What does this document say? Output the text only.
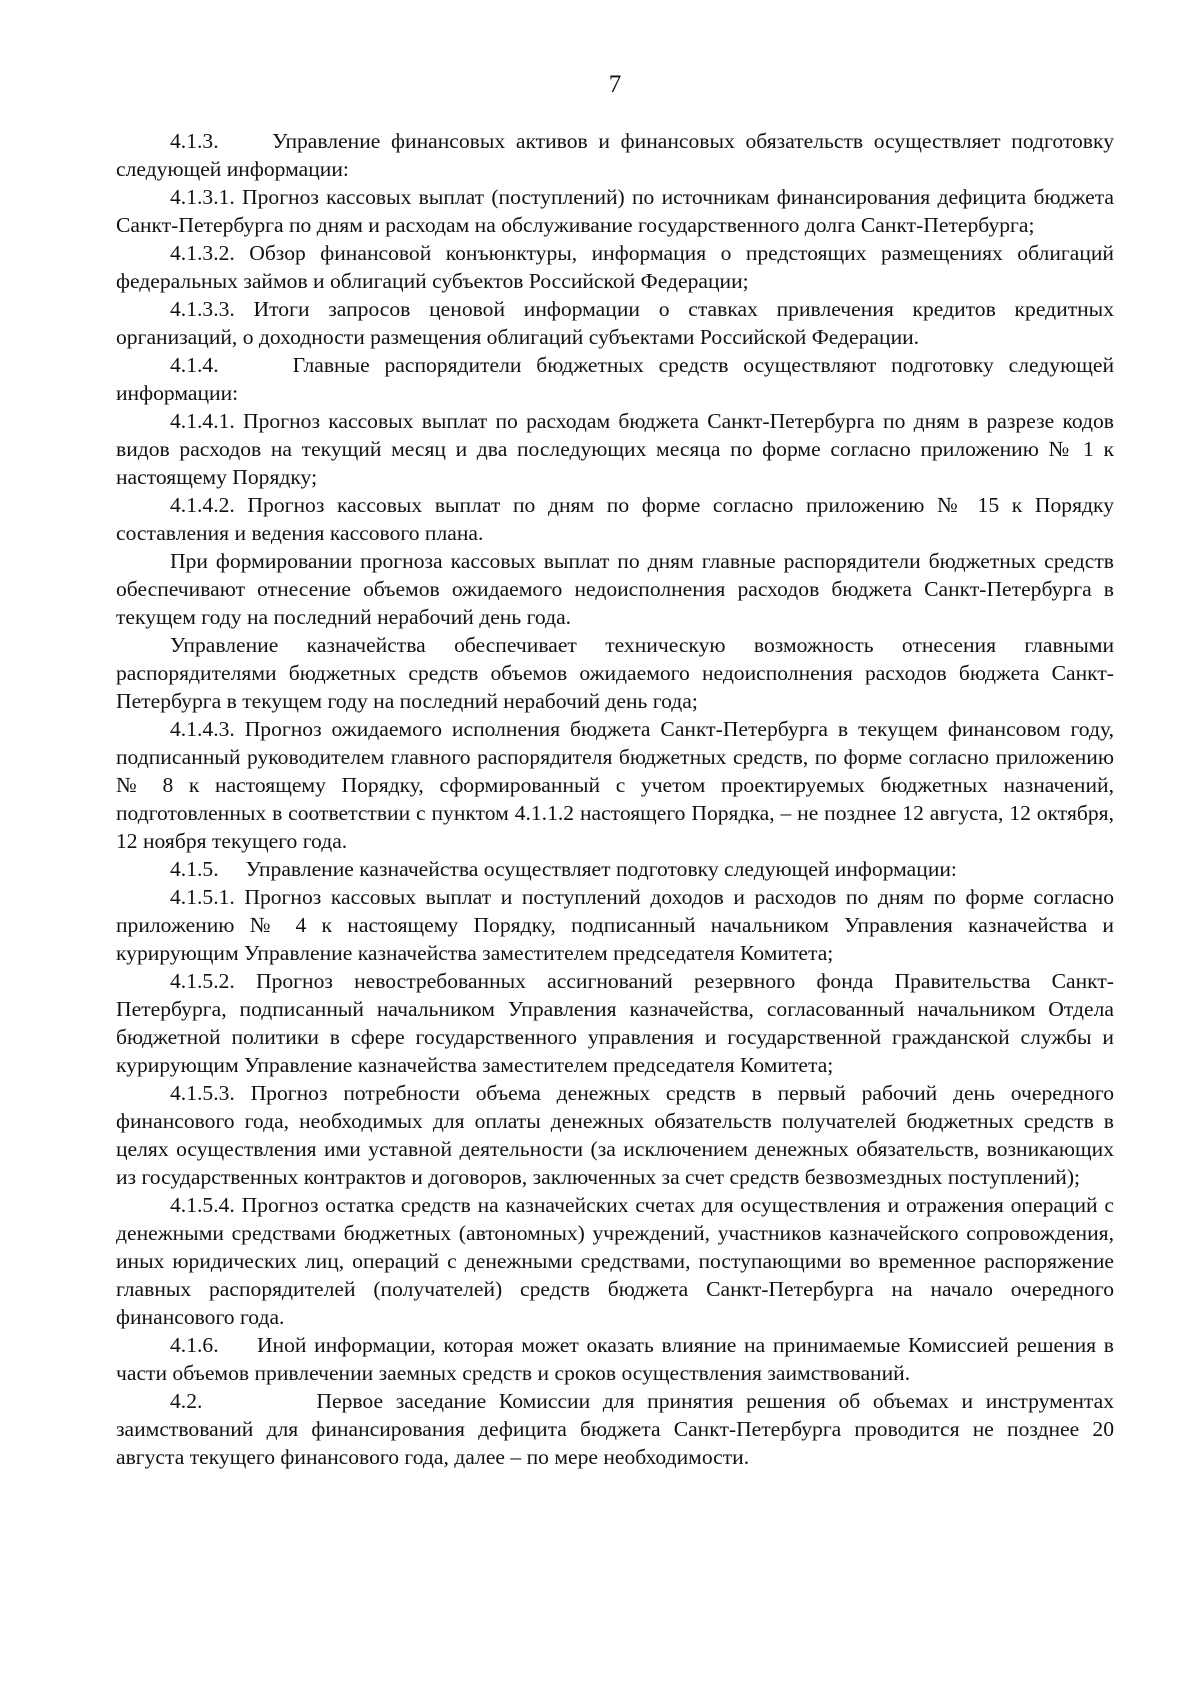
7

4.1.3.     Управление финансовых активов и финансовых обязательств осуществляет подготовку следующей информации:

4.1.3.1. Прогноз кассовых выплат (поступлений) по источникам финансирования дефицита бюджета Санкт-Петербурга по дням и расходам на обслуживание государственного долга Санкт-Петербурга;

4.1.3.2. Обзор финансовой конъюнктуры, информация о предстоящих размещениях облигаций федеральных займов и облигаций субъектов Российской Федерации;

4.1.3.3. Итоги запросов ценовой информации о ставках привлечения кредитов кредитных организаций, о доходности размещения облигаций субъектами Российской Федерации.

4.1.4.     Главные распорядители бюджетных средств осуществляют подготовку следующей информации:

4.1.4.1. Прогноз кассовых выплат по расходам бюджета Санкт-Петербурга по дням в разрезе кодов видов расходов на текущий месяц и два последующих месяца по форме согласно приложению № 1 к настоящему Порядку;

4.1.4.2. Прогноз кассовых выплат по дням по форме согласно приложению № 15 к Порядку составления и ведения кассового плана.

При формировании прогноза кассовых выплат по дням главные распорядители бюджетных средств обеспечивают отнесение объемов ожидаемого недоисполнения расходов бюджета Санкт-Петербурга в текущем году на последний нерабочий день года.

Управление казначейства обеспечивает техническую возможность отнесения главными распорядителями бюджетных средств объемов ожидаемого недоисполнения расходов бюджета Санкт-Петербурга в текущем году на последний нерабочий день года;

4.1.4.3. Прогноз ожидаемого исполнения бюджета Санкт-Петербурга в текущем финансовом году, подписанный руководителем главного распорядителя бюджетных средств, по форме согласно приложению № 8 к настоящему Порядку, сформированный с учетом проектируемых бюджетных назначений, подготовленных в соответствии с пунктом 4.1.1.2 настоящего Порядка, – не позднее 12 августа, 12 октября, 12 ноября текущего года.

4.1.5.     Управление казначейства осуществляет подготовку следующей информации:

4.1.5.1. Прогноз кассовых выплат и поступлений доходов и расходов по дням по форме согласно приложению № 4 к настоящему Порядку, подписанный начальником Управления казначейства и курирующим Управление казначейства заместителем председателя Комитета;

4.1.5.2. Прогноз невостребованных ассигнований резервного фонда Правительства Санкт-Петербурга, подписанный начальником Управления казначейства, согласованный начальником Отдела бюджетной политики в сфере государственного управления и государственной гражданской службы и курирующим Управление казначейства заместителем председателя Комитета;

4.1.5.3. Прогноз потребности объема денежных средств в первый рабочий день очередного финансового года, необходимых для оплаты денежных обязательств получателей бюджетных средств в целях осуществления ими уставной деятельности (за исключением денежных обязательств, возникающих из государственных контрактов и договоров, заключенных за счет средств безвозмездных поступлений);

4.1.5.4. Прогноз остатка средств на казначейских счетах для осуществления и отражения операций с денежными средствами бюджетных (автономных) учреждений, участников казначейского сопровождения, иных юридических лиц, операций с денежными средствами, поступающими во временное распоряжение главных распорядителей (получателей) средств бюджета Санкт-Петербурга на начало очередного финансового года.

4.1.6.     Иной информации, которая может оказать влияние на принимаемые Комиссией решения в части объемов привлечении заемных средств и сроков осуществления заимствований.

4.2.         Первое заседание Комиссии для принятия решения об объемах и инструментах заимствований для финансирования дефицита бюджета Санкт-Петербурга проводится не позднее 20 августа текущего финансового года, далее – по мере необходимости.
